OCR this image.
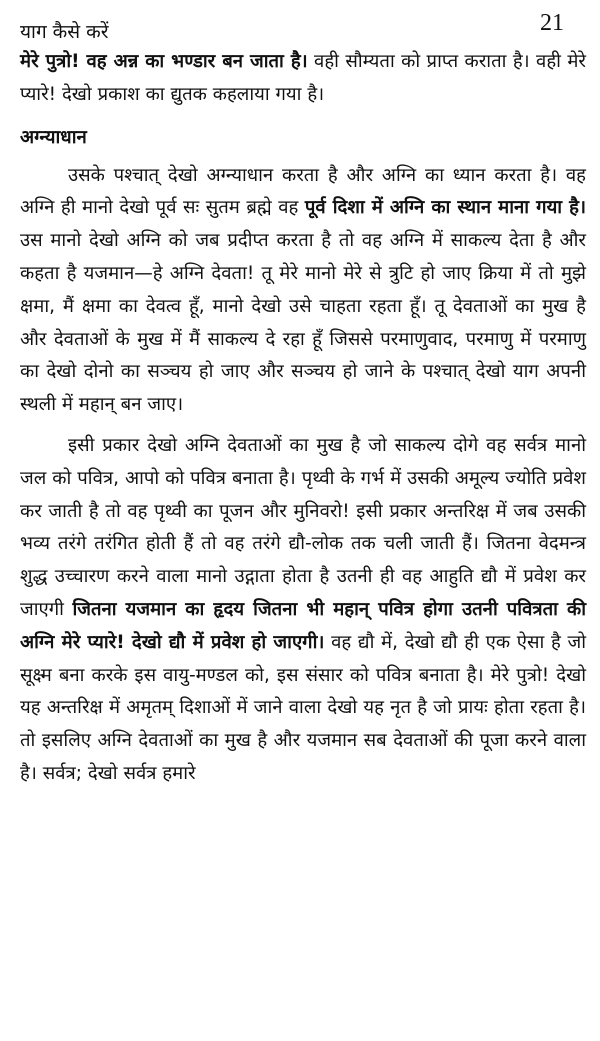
याग कैसे करें	21

मेरे पुत्रो! वह अन्न का भण्डार बन जाता है। वही सौम्यता को प्राप्त कराता है। वही मेरे प्यारे! देखो प्रकाश का द्युतक कहलाया गया है।

अग्न्याधान

उसके पश्चात् देखो अग्न्याधान करता है और अग्नि का ध्यान करता है। वह अग्नि ही मानो देखो पूर्व सः सुतम ब्रह्मे वह पूर्व दिशा में अग्नि का स्थान माना गया है। उस मानो देखो अग्नि को जब प्रदीप्त करता है तो वह अग्नि में साकल्य देता है और कहता है यजमान—हे अग्नि देवता! तू मेरे मानो मेरे से त्रुटि हो जाए क्रिया में तो मुझे क्षमा, मैं क्षमा का देवत्व हूँ, मानो देखो उसे चाहता रहता हूँ। तू देवताओं का मुख है और देवताओं के मुख में मैं साकल्य दे रहा हूँ जिससे परमाणुवाद, परमाणु में परमाणु का देखो दोनो का सञ्चय हो जाए और सञ्चय हो जाने के पश्चात् देखो याग अपनी स्थली में महान् बन जाए।

इसी प्रकार देखो अग्नि देवताओं का मुख है जो साकल्य दोगे वह सर्वत्र मानो जल को पवित्र, आपो को पवित्र बनाता है। पृथ्वी के गर्भ में उसकी अमूल्य ज्योति प्रवेश कर जाती है तो वह पृथ्वी का पूजन और मुनिवरो! इसी प्रकार अन्तरिक्ष में जब उसकी भव्य तरंगे तरंगित होती हैं तो वह तरंगे द्यौ-लोक तक चली जाती हैं। जितना वेदमन्त्र शुद्ध उच्चारण करने वाला मानो उद्गाता होता है उतनी ही वह आहुति द्यौ में प्रवेश कर जाएगी जितना यजमान का हृदय जितना भी महान् पवित्र होगा उतनी पवित्रता की अग्नि मेरे प्यारे! देखो द्यौ में प्रवेश हो जाएगी। वह द्यौ में, देखो द्यौ ही एक ऐसा है जो सूक्ष्म बना करके इस वायु-मण्डल को, इस संसार को पवित्र बनाता है। मेरे पुत्रो! देखो यह अन्तरिक्ष में अमृतम् दिशाओं में जाने वाला देखो यह नृत है जो प्रायः होता रहता है। तो इसलिए अग्नि देवताओं का मुख है और यजमान सब देवताओं की पूजा करने वाला है। सर्वत्र; देखो सर्वत्र हमारे
